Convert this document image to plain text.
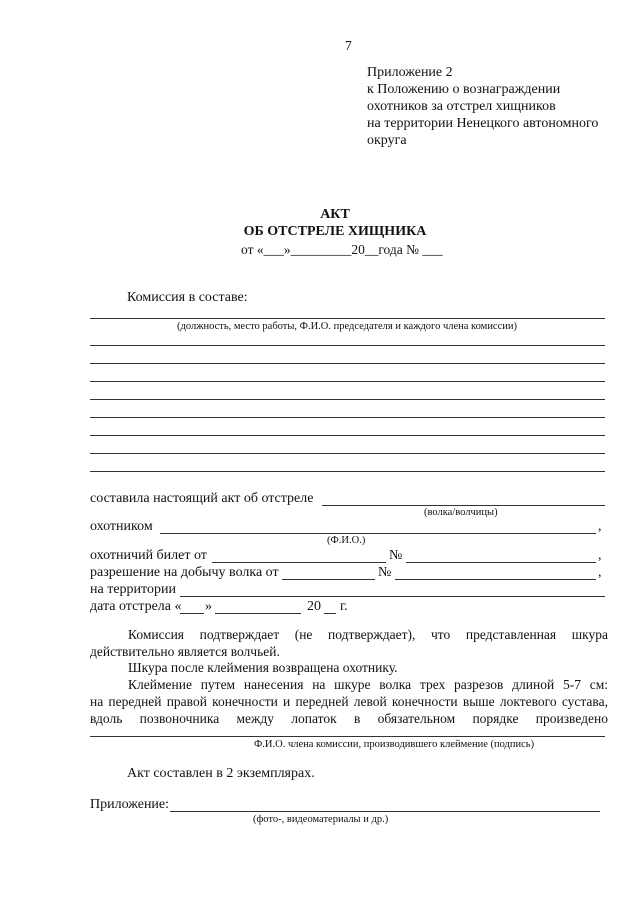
7
Приложение 2
к Положению о вознаграждении
охотников за отстрел хищников
на территории Ненецкого автономного
округа
АКТ
ОБ ОТСТРЕЛЕ ХИЩНИКА
от «___»_________20__года № ___
Комиссия в составе:
(должность, место работы, Ф.И.О. председателя и каждого члена комиссии)
составила настоящий акт об отстреле
(волка/волчицы)
охотником	,
(Ф.И.О.)
охотничий билет от	№	,
разрешение на добычу волка от	№	,
на территории
дата отстрела « »	20 г.
Комиссия подтверждает (не подтверждает), что представленная шкура
действительно является волчьей.
Шкура после клеймения возвращена охотнику.
Клеймение путем нанесения на шкуре волка трех разрезов длиной 5-7 см:
на передней правой конечности и передней левой конечности выше локтевого сустава,
вдоль позвоночника между лопаток в обязательном порядке произведено
Ф.И.О. члена комиссии, производившего клеймение (подпись)
Акт составлен в 2 экземплярах.
Приложение:
(фото-, видеоматериалы и др.)
